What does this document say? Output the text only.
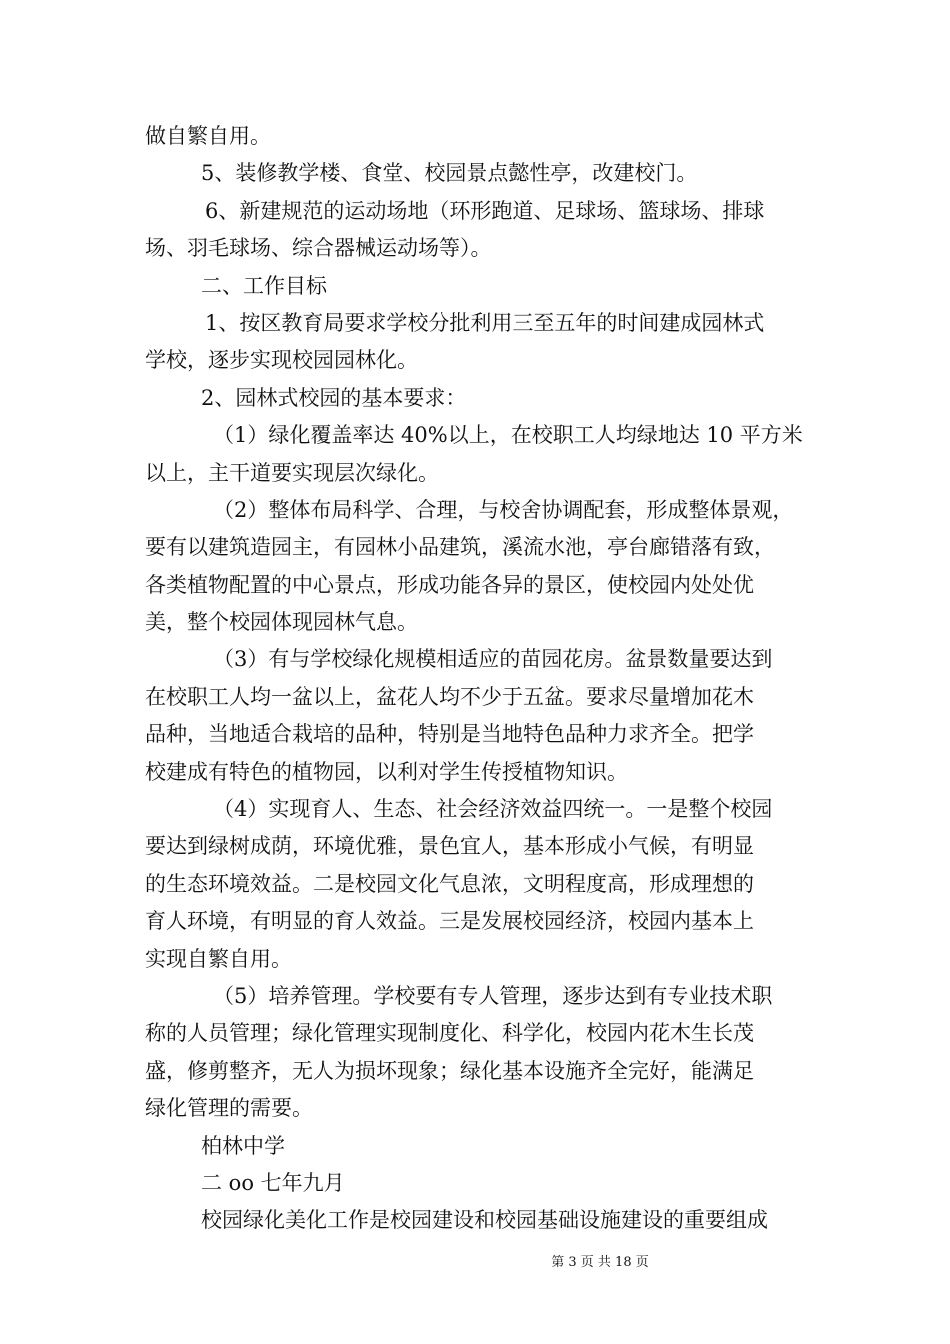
做自繁自用。
5、装修教学楼、食堂、校园景点懿性亭，改建校门。
6、新建规范的运动场地（环形跑道、足球场、篮球场、排球
场、羽毛球场、综合器械运动场等）。
二、工作目标
1、按区教育局要求学校分批利用三至五年的时间建成园林式
学校，逐步实现校园园林化。
2、园林式校园的基本要求：
（1）绿化覆盖率达 40%以上，在校职工人均绿地达 10 平方米
以上，主干道要实现层次绿化。
（2）整体布局科学、合理，与校舍协调配套，形成整体景观，
要有以建筑造园主，有园林小品建筑，溪流水池，亭台廊错落有致，
各类植物配置的中心景点，形成功能各异的景区，使校园内处处优
美，整个校园体现园林气息。
（3）有与学校绿化规模相适应的苗园花房。盆景数量要达到
在校职工人均一盆以上，盆花人均不少于五盆。要求尽量增加花木
品种，当地适合栽培的品种，特别是当地特色品种力求齐全。把学
校建成有特色的植物园，以利对学生传授植物知识。
（4）实现育人、生态、社会经济效益四统一。一是整个校园
要达到绿树成荫，环境优雅，景色宜人，基本形成小气候，有明显
的生态环境效益。二是校园文化气息浓，文明程度高，形成理想的
育人环境，有明显的育人效益。三是发展校园经济，校园内基本上
实现自繁自用。
（5）培养管理。学校要有专人管理，逐步达到有专业技术职
称的人员管理；绿化管理实现制度化、科学化，校园内花木生长茂
盛，修剪整齐，无人为损坏现象；绿化基本设施齐全完好，能满足
绿化管理的需要。
柏林中学
二 oo 七年九月
校园绿化美化工作是校园建设和校园基础设施建设的重要组成
第 3 页 共 18 页
